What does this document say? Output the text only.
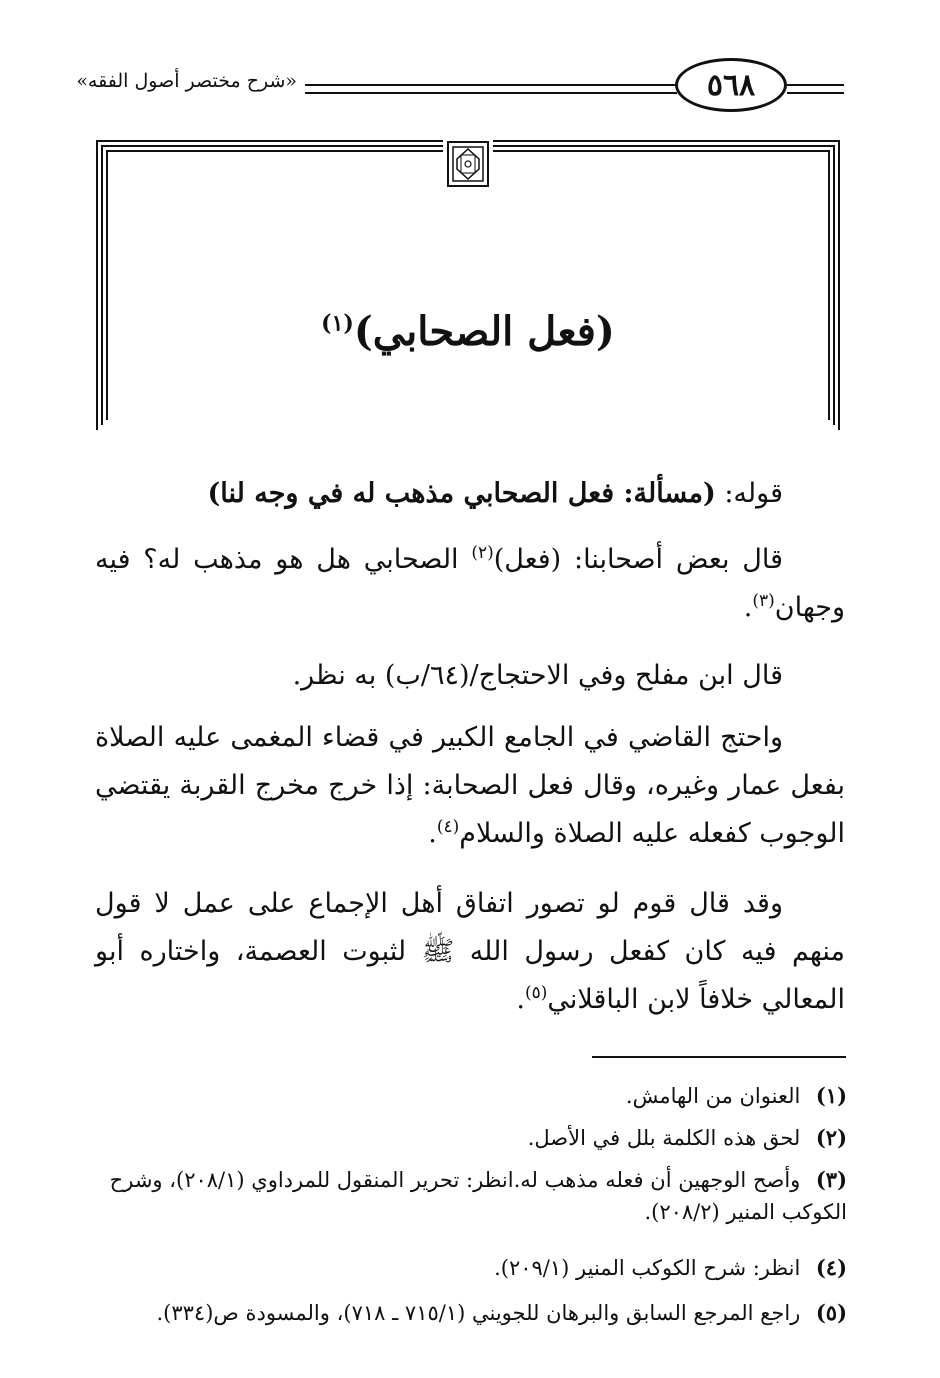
٥٦٨
«شرح مختصر أصول الفقه»
(فعل الصحابي)$^{(١)}$
قوله: (مسألة: فعل الصحابي مذهب له في وجه لنا)
قال بعض أصحابنا: (فعل)$^{(٢)}$ الصحابي هل هو مذهب له؟ فيه وجهان$^{(٣)}$.
قال ابن مفلح وفي الاحتجاج/(٦٤/ب) به نظر.
واحتج القاضي في الجامع الكبير في قضاء المغمى عليه الصلاة بفعل عمار وغيره، وقال فعل الصحابة: إذا خرج مخرج القربة يقتضي الوجوب كفعله عليه الصلاة والسلام$^{(٤)}$.
وقد قال قوم لو تصور اتفاق أهل الإجماع على عمل لا قول منهم فيه كان كفعل رسول الله ﷺ لثبوت العصمة، واختاره أبو المعالي خلافاً لابن الباقلاني$^{(٥)}$.
(١) العنوان من الهامش.
(٢) لحق هذه الكلمة بلل في الأصل.
(٣) وأصح الوجهين أن فعله مذهب له.انظر: تحرير المنقول للمرداوي (٢٠٨/١)، وشرح الكوكب المنير (٢٠٨/٢).
(٤) انظر: شرح الكوكب المنير (٢٠٩/١).
(٥) راجع المرجع السابق والبرهان للجويني (٧١٥/١ ـ ٧١٨)، والمسودة ص(٣٣٤).
